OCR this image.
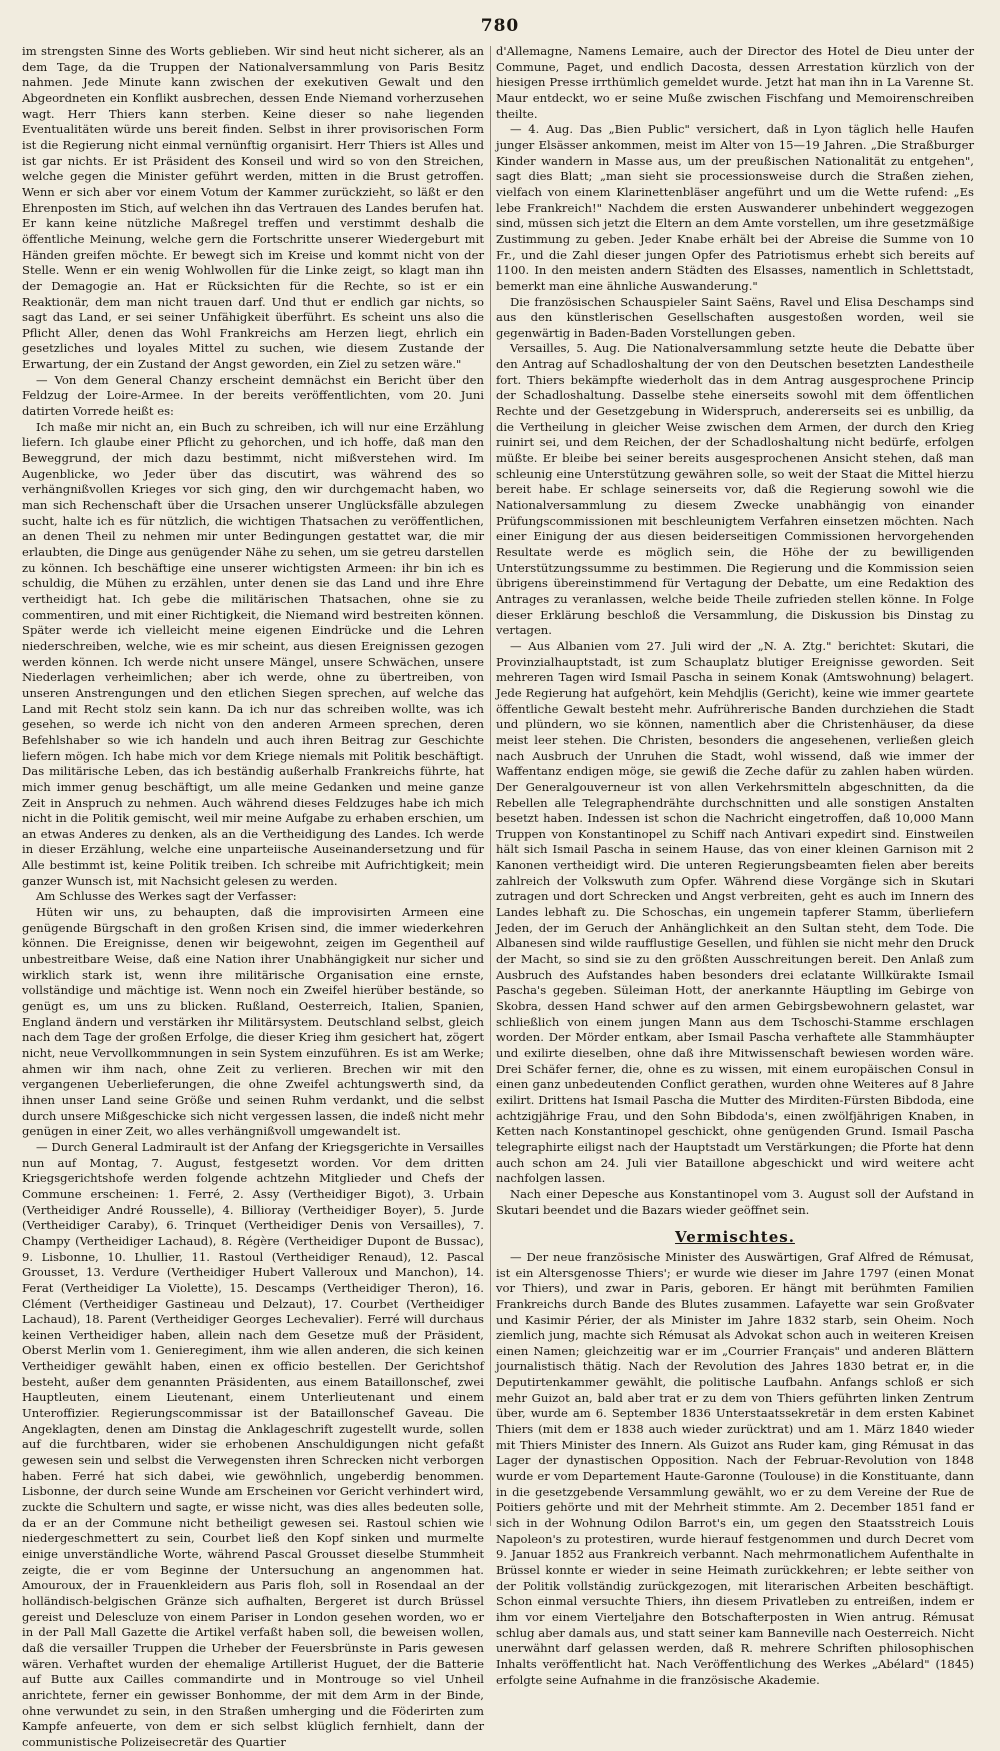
780

im strengsten Sinne des Worts geblieben. Wir sind heut nicht sicherer, als an dem Tage, da die Truppen der Nationalversammlung von Paris Besitz nahmen. Jede Minute kann zwischen der exekutiven Gewalt und den Abgeordneten ein Konflikt ausbrechen, dessen Ende Niemand vorherzusehen wagt. Herr Thiers kann sterben. Keine dieser so nahe liegenden Eventualitäten würde uns bereit finden. Selbst in ihrer provisorischen Form ist die Regierung nicht einmal vernünftig organisirt. Herr Thiers ist Alles und ist gar nichts. Er ist Präsident des Konseil und wird so von den Streichen, welche gegen die Minister geführt werden, mitten in die Brust getroffen. Wenn er sich aber vor einem Votum der Kammer zurückzieht, so läßt er den Ehrenposten im Stich, auf welchen ihn das Vertrauen des Landes berufen hat. Er kann keine nützliche Maßregel treffen und verstimmt deshalb die öffentliche Meinung, welche gern die Fortschritte unserer Wiedergeburt mit Händen greifen möchte. Er bewegt sich im Kreise und kommt nicht von der Stelle. Wenn er ein wenig Wohlwollen für die Linke zeigt, so klagt man ihn der Demagogie an. Hat er Rücksichten für die Rechte, so ist er ein Reaktionär, dem man nicht trauen darf. Und thut er endlich gar nichts, so sagt das Land, er sei seiner Unfähigkeit überführt. Es scheint uns also die Pflicht Aller, denen das Wohl Frankreichs am Herzen liegt, ehrlich ein gesetzliches und loyales Mittel zu suchen, wie diesem Zustande der Erwartung, der ein Zustand der Angst geworden, ein Ziel zu setzen wäre."

— Von dem General Chanzy erscheint demnächst ein Bericht über den Feldzug der Loire-Armee. In der bereits veröffentlichten, vom 20. Juni datirten Vorrede heißt es:

Ich maße mir nicht an, ein Buch zu schreiben, ich will nur eine Erzählung liefern. Ich glaube einer Pflicht zu gehorchen, und ich hoffe, daß man den Beweggrund, der mich dazu bestimmt, nicht mißverstehen wird. Im Augenblicke, wo Jeder über das discutirt, was während des so verhängnißvollen Krieges vor sich ging, den wir durchgemacht haben, wo man sich Rechenschaft über die Ursachen unserer Unglücksfälle abzulegen sucht, halte ich es für nützlich, die wichtigen Thatsachen zu veröffentlichen, an denen Theil zu nehmen mir unter Bedingungen gestattet war, die mir erlaubten, die Dinge aus genügender Nähe zu sehen, um sie getreu darstellen zu können. Ich beschäftige eine unserer wichtigsten Armeen: ihr bin ich es schuldig, die Mühen zu erzählen, unter denen sie das Land und ihre Ehre vertheidigt hat. Ich gebe die militärischen Thatsachen, ohne sie zu commentiren, und mit einer Richtigkeit, die Niemand wird bestreiten können. Später werde ich vielleicht meine eigenen Eindrücke und die Lehren niederschreiben, welche, wie es mir scheint, aus diesen Ereignissen gezogen werden können. Ich werde nicht unsere Mängel, unsere Schwächen, unsere Niederlagen verheimlichen; aber ich werde, ohne zu übertreiben, von unseren Anstrengungen und den etlichen Siegen sprechen, auf welche das Land mit Recht stolz sein kann. Da ich nur das schreiben wollte, was ich gesehen, so werde ich nicht von den anderen Armeen sprechen, deren Befehlshaber so wie ich handeln und auch ihren Beitrag zur Geschichte liefern mögen. Ich habe mich vor dem Kriege niemals mit Politik beschäftigt. Das militärische Leben, das ich beständig außerhalb Frankreichs führte, hat mich immer genug beschäftigt, um alle meine Gedanken und meine ganze Zeit in Anspruch zu nehmen. Auch während dieses Feldzuges habe ich mich nicht in die Politik gemischt, weil mir meine Aufgabe zu erhaben erschien, um an etwas Anderes zu denken, als an die Vertheidigung des Landes. Ich werde in dieser Erzählung, welche eine unparteiische Auseinandersetzung und für Alle bestimmt ist, keine Politik treiben. Ich schreibe mit Aufrichtigkeit; mein ganzer Wunsch ist, mit Nachsicht gelesen zu werden.

Am Schlusse des Werkes sagt der Verfasser:

Hüten wir uns, zu behaupten, daß die improvisirten Armeen eine genügende Bürgschaft in den großen Krisen sind, die immer wiederkehren können. Die Ereignisse, denen wir beigewohnt, zeigen im Gegentheil auf unbestreitbare Weise, daß eine Nation ihrer Unabhängigkeit nur sicher und wirklich stark ist, wenn ihre militärische Organisation eine ernste, vollständige und mächtige ist. Wenn noch ein Zweifel hierüber bestände, so genügt es, um uns zu blicken. Rußland, Oesterreich, Italien, Spanien, England ändern und verstärken ihr Militärsystem. Deutschland selbst, gleich nach dem Tage der großen Erfolge, die dieser Krieg ihm gesichert hat, zögert nicht, neue Vervollkommnungen in sein System einzuführen. Es ist am Werke; ahmen wir ihm nach, ohne Zeit zu verlieren. Brechen wir mit den vergangenen Ueberlieferungen, die ohne Zweifel achtungswerth sind, da ihnen unser Land seine Größe und seinen Ruhm verdankt, und die selbst durch unsere Mißgeschicke sich nicht vergessen lassen, die indeß nicht mehr genügen in einer Zeit, wo alles verhängnißvoll umgewandelt ist.

— Durch General Ladmirault ist der Anfang der Kriegsgerichte in Versailles nun auf Montag, 7. August, festgesetzt worden. Vor dem dritten Kriegsgerichtshofe werden folgende achtzehn Mitglieder und Chefs der Commune erscheinen: 1. Ferré, 2. Assy (Vertheidiger Bigot), 3. Urbain (Vertheidiger André Rousselle), 4. Billioray (Vertheidiger Boyer), 5. Jurde (Vertheidiger Caraby), 6. Trinquet (Vertheidiger Denis von Versailles), 7. Champy (Vertheidiger Lachaud), 8. Régère (Vertheidiger Dupont de Bussac), 9. Lisbonne, 10. Lhullier, 11. Rastoul (Vertheidiger Renaud), 12. Pascal Grousset, 13. Verdure (Vertheidiger Hubert Valleroux und Manchon), 14. Ferat (Vertheidiger La Violette), 15. Descamps (Vertheidiger Theron), 16. Clément (Vertheidiger Gastineau und Delzaut), 17. Courbet (Vertheidiger Lachaud), 18. Parent (Vertheidiger Georges Lechevalier). Ferré will durchaus keinen Vertheidiger haben, allein nach dem Gesetze muß der Präsident, Oberst Merlin vom 1. Genieregiment, ihm wie allen anderen, die sich keinen Vertheidiger gewählt haben, einen ex officio bestellen. Der Gerichtshof besteht, außer dem genannten Präsidenten, aus einem Bataillonschef, zwei Hauptleuten, einem Lieutenant, einem Unterlieutenant und einem Unteroffizier. Regierungscommissar ist der Bataillonschef Gaveau. Die Angeklagten, denen am Dinstag die Anklageschrift zugestellt wurde, sollen auf die furchtbaren, wider sie erhobenen Anschuldigungen nicht gefaßt gewesen sein und selbst die Verwegensten ihren Schrecken nicht verborgen haben. Ferré hat sich dabei, wie gewöhnlich, ungeberdig benommen. Lisbonne, der durch seine Wunde am Erscheinen vor Gericht verhindert wird, zuckte die Schultern und sagte, er wisse nicht, was dies alles bedeuten solle, da er an der Commune nicht betheiligt gewesen sei. Rastoul schien wie niedergeschmettert zu sein, Courbet ließ den Kopf sinken und murmelte einige unverständliche Worte, während Pascal Grousset dieselbe Stummheit zeigte, die er vom Beginne der Untersuchung an angenommen hat. Amouroux, der in Frauenkleidern aus Paris floh, soll in Rosendaal an der holländisch-belgischen Gränze sich aufhalten, Bergeret ist durch Brüssel gereist und Delescluze von einem Pariser in London gesehen worden, wo er in der Pall Mall Gazette die Artikel verfaßt haben soll, die beweisen wollen, daß die versailler Truppen die Urheber der Feuersbrünste in Paris gewesen wären. Verhaftet wurden der ehemalige Artillerist Huguet, der die Batterie auf Butte aux Cailles commandirte und in Montrouge so viel Unheil anrichtete, ferner ein gewisser Bonhomme, der mit dem Arm in der Binde, ohne verwundet zu sein, in den Straßen umherging und die Föderirten zum Kampfe anfeuerte, von dem er sich selbst klüglich fernhielt, dann der communistische Polizeisecretär des Quartier

d'Allemagne, Namens Lemaire, auch der Director des Hotel de Dieu unter der Commune, Paget, und endlich Dacosta, dessen Arrestation kürzlich von der hiesigen Presse irrthümlich gemeldet wurde. Jetzt hat man ihn in La Varenne St. Maur entdeckt, wo er seine Muße zwischen Fischfang und Memoirenschreiben theilte.

— 4. Aug. Das „Bien Public" versichert, daß in Lyon täglich helle Haufen junger Elsässer ankommen, meist im Alter von 15—19 Jahren. „Die Straßburger Kinder wandern in Masse aus, um der preußischen Nationalität zu entgehen", sagt dies Blatt; „man sieht sie processionsweise durch die Straßen ziehen, vielfach von einem Klarinettenbläser angeführt und um die Wette rufend: „Es lebe Frankreich!" Nachdem die ersten Auswanderer unbehindert weggezogen sind, müssen sich jetzt die Eltern an dem Amte vorstellen, um ihre gesetzmäßige Zustimmung zu geben. Jeder Knabe erhält bei der Abreise die Summe von 10 Fr., und die Zahl dieser jungen Opfer des Patriotismus erhebt sich bereits auf 1100. In den meisten andern Städten des Elsasses, namentlich in Schlettstadt, bemerkt man eine ähnliche Auswanderung."

Die französischen Schauspieler Saint Saëns, Ravel und Elisa Deschamps sind aus den künstlerischen Gesellschaften ausgestoßen worden, weil sie gegenwärtig in Baden-Baden Vorstellungen geben.

Versailles, 5. Aug. Die Nationalversammlung setzte heute die Debatte über den Antrag auf Schadloshaltung der von den Deutschen besetzten Landestheile fort. Thiers bekämpfte wiederholt das in dem Antrag ausgesprochene Princip der Schadloshaltung. Dasselbe stehe einerseits sowohl mit dem öffentlichen Rechte und der Gesetzgebung in Widerspruch, andererseits sei es unbillig, da die Vertheilung in gleicher Weise zwischen dem Armen, der durch den Krieg ruinirt sei, und dem Reichen, der der Schadloshaltung nicht bedürfe, erfolgen müßte. Er bleibe bei seiner bereits ausgesprochenen Ansicht stehen, daß man schleunig eine Unterstützung gewähren solle, so weit der Staat die Mittel hierzu bereit habe. Er schlage seinerseits vor, daß die Regierung sowohl wie die Nationalversammlung zu diesem Zwecke unabhängig von einander Prüfungscommissionen mit beschleunigtem Verfahren einsetzen möchten. Nach einer Einigung der aus diesen beiderseitigen Commissionen hervorgehenden Resultate werde es möglich sein, die Höhe der zu bewilligenden Unterstützungssumme zu bestimmen. Die Regierung und die Kommission seien übrigens übereinstimmend für Vertagung der Debatte, um eine Redaktion des Antrages zu veranlassen, welche beide Theile zufrieden stellen könne. In Folge dieser Erklärung beschloß die Versammlung, die Diskussion bis Dinstag zu vertagen.

— Aus Albanien vom 27. Juli wird der „N. A. Ztg." berichtet: Skutari, die Provinzialhauptstadt, ist zum Schauplatz blutiger Ereignisse geworden. Seit mehreren Tagen wird Ismail Pascha in seinem Konak (Amtswohnung) belagert. Jede Regierung hat aufgehört, kein Mehdjlis (Gericht), keine wie immer geartete öffentliche Gewalt besteht mehr. Aufrührerische Banden durchziehen die Stadt und plündern, wo sie können, namentlich aber die Christenhäuser, da diese meist leer stehen. Die Christen, besonders die angesehenen, verließen gleich nach Ausbruch der Unruhen die Stadt, wohl wissend, daß wie immer der Waffentanz endigen möge, sie gewiß die Zeche dafür zu zahlen haben würden. Der Generalgouverneur ist von allen Verkehrsmitteln abgeschnitten, da die Rebellen alle Telegraphendrähte durchschnitten und alle sonstigen Anstalten besetzt haben. Indessen ist schon die Nachricht eingetroffen, daß 10,000 Mann Truppen von Konstantinopel zu Schiff nach Antivari expedirt sind. Einstweilen hält sich Ismail Pascha in seinem Hause, das von einer kleinen Garnison mit 2 Kanonen vertheidigt wird. Die unteren Regierungsbeamten fielen aber bereits zahlreich der Volkswuth zum Opfer. Während diese Vorgänge sich in Skutari zutragen und dort Schrecken und Angst verbreiten, geht es auch im Innern des Landes lebhaft zu. Die Schoschas, ein ungemein tapferer Stamm, überliefern Jeden, der im Geruch der Anhänglichkeit an den Sultan steht, dem Tode. Die Albanesen sind wilde raufflustige Gesellen, und fühlen sie nicht mehr den Druck der Macht, so sind sie zu den größten Ausschreitungen bereit. Den Anlaß zum Ausbruch des Aufstandes haben besonders drei eclatante Willkürakte Ismail Pascha's gegeben. Süleiman Hott, der anerkannte Häuptling im Gebirge von Skobra, dessen Hand schwer auf den armen Gebirgsbewohnern gelastet, war schließlich von einem jungen Mann aus dem Tschoschi-Stamme erschlagen worden. Der Mörder entkam, aber Ismail Pascha verhaftete alle Stammhäupter und exilirte dieselben, ohne daß ihre Mitwissenschaft bewiesen worden wäre. Drei Schäfer ferner, die, ohne es zu wissen, mit einem europäischen Consul in einen ganz unbedeutenden Conflict gerathen, wurden ohne Weiteres auf 8 Jahre exilirt. Drittens hat Ismail Pascha die Mutter des Mirditen-Fürsten Bibdoda, eine achtzigjährige Frau, und den Sohn Bibdoda's, einen zwölfjährigen Knaben, in Ketten nach Konstantinopel geschickt, ohne genügenden Grund. Ismail Pascha telegraphirte eiligst nach der Hauptstadt um Verstärkungen; die Pforte hat denn auch schon am 24. Juli vier Bataillone abgeschickt und wird weitere acht nachfolgen lassen.

Nach einer Depesche aus Konstantinopel vom 3. August soll der Aufstand in Skutari beendet und die Bazars wieder geöffnet sein.

Vermischtes.

— Der neue französische Minister des Auswärtigen, Graf Alfred de Rémusat, ist ein Altersgenosse Thiers'; er wurde wie dieser im Jahre 1797 (einen Monat vor Thiers), und zwar in Paris, geboren. Er hängt mit berühmten Familien Frankreichs durch Bande des Blutes zusammen. Lafayette war sein Großvater und Kasimir Périer, der als Minister im Jahre 1832 starb, sein Oheim. Noch ziemlich jung, machte sich Rémusat als Advokat schon auch in weiteren Kreisen einen Namen; gleichzeitig war er im „Courrier Français" und anderen Blättern journalistisch thätig. Nach der Revolution des Jahres 1830 betrat er, in die Deputirtenkammer gewählt, die politische Laufbahn. Anfangs schloß er sich mehr Guizot an, bald aber trat er zu dem von Thiers geführten linken Zentrum über, wurde am 6. September 1836 Unterstaatssekretär in dem ersten Kabinet Thiers (mit dem er 1838 auch wieder zurücktrat) und am 1. März 1840 wieder mit Thiers Minister des Innern. Als Guizot ans Ruder kam, ging Rémusat in das Lager der dynastischen Opposition. Nach der Februar-Revolution von 1848 wurde er vom Departement Haute-Garonne (Toulouse) in die Konstituante, dann in die gesetzgebende Versammlung gewählt, wo er zu dem Vereine der Rue de Poitiers gehörte und mit der Mehrheit stimmte. Am 2. December 1851 fand er sich in der Wohnung Odilon Barrot's ein, um gegen den Staatsstreich Louis Napoleon's zu protestiren, wurde hierauf festgenommen und durch Decret vom 9. Januar 1852 aus Frankreich verbannt. Nach mehrmonatlichem Aufenthalte in Brüssel konnte er wieder in seine Heimath zurückkehren; er lebte seither von der Politik vollständig zurückgezogen, mit literarischen Arbeiten beschäftigt. Schon einmal versuchte Thiers, ihn diesem Privatleben zu entreißen, indem er ihm vor einem Vierteljahre den Botschafterposten in Wien antrug. Rémusat schlug aber damals aus, und statt seiner kam Banneville nach Oesterreich. Nicht unerwähnt darf gelassen werden, daß R. mehrere Schriften philosophischen Inhalts veröffentlicht hat. Nach Veröffentlichung des Werkes „Abélard" (1845) erfolgte seine Aufnahme in die französische Akademie.
